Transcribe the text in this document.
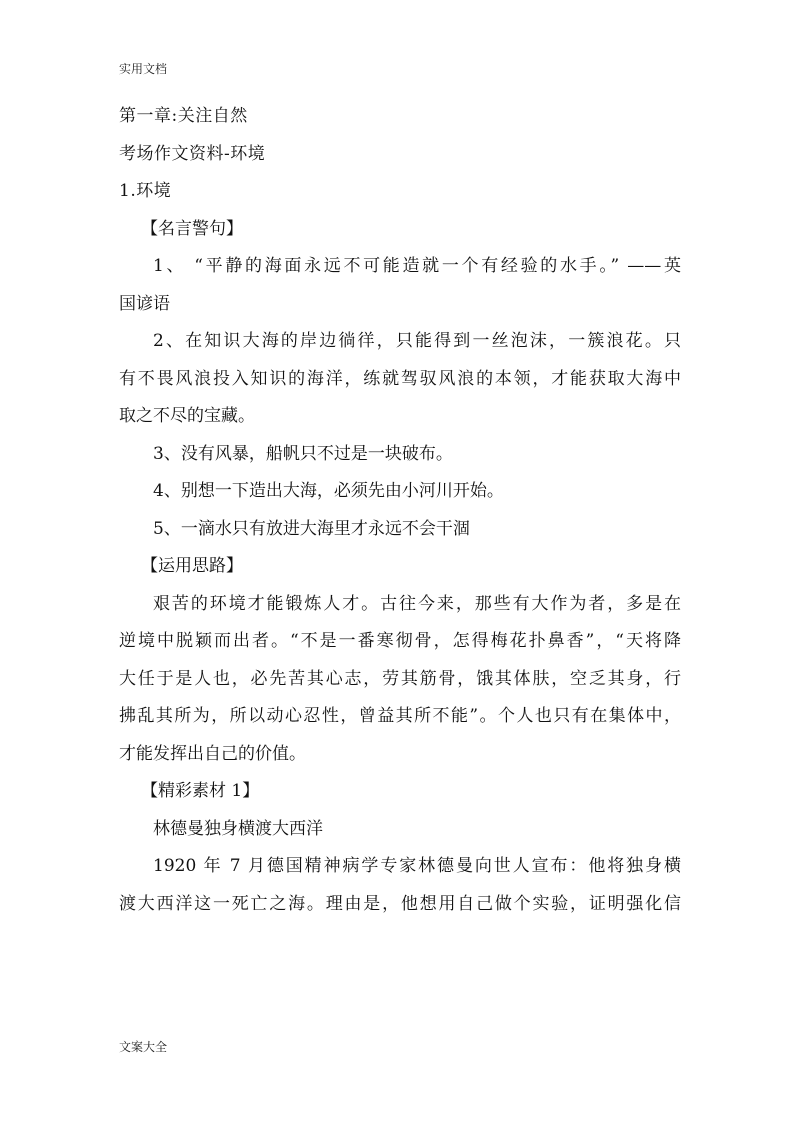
实用文档
第一章:关注自然
考场作文资料-环境
1.环境
【名言警句】
1、 “平静的海面永远不可能造就一个有经验的水手。” ——英
国谚语
2、在知识大海的岸边徜徉，只能得到一丝泡沫，一簇浪花。只
有不畏风浪投入知识的海洋，练就驾驭风浪的本领，才能获取大海中
取之不尽的宝藏。
3、没有风暴，船帆只不过是一块破布。
4、别想一下造出大海，必须先由小河川开始。
5、一滴水只有放进大海里才永远不会干涸
【运用思路】
艰苦的环境才能锻炼人才。古往今来，那些有大作为者，多是在
逆境中脱颖而出者。“不是一番寒彻骨，怎得梅花扑鼻香”，“天将降
大任于是人也，必先苦其心志，劳其筋骨，饿其体肤，空乏其身，行
拂乱其所为，所以动心忍性，曾益其所不能”。个人也只有在集体中，
才能发挥出自己的价值。
【精彩素材 1】
林德曼独身横渡大西洋
1920 年 7 月德国精神病学专家林德曼向世人宣布：他将独身横
渡大西洋这一死亡之海。理由是，他想用自己做个实验，证明强化信
文案大全
